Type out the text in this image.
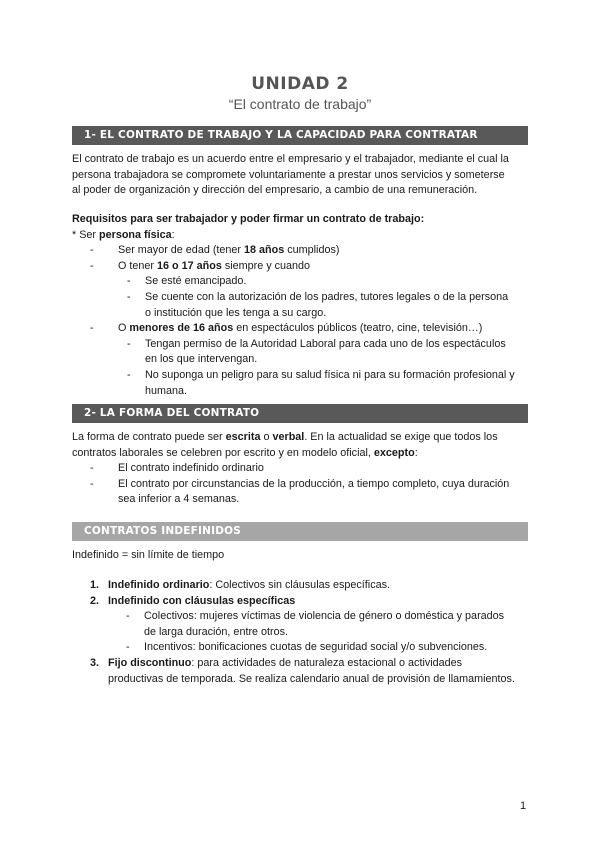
UNIDAD 2
“El contrato de trabajo”
1- EL CONTRATO DE TRABAJO Y LA CAPACIDAD PARA CONTRATAR

El contrato de trabajo es un acuerdo entre el empresario y el trabajador, mediante el cual la

persona trabajadora se compromete voluntariamente a prestar unos servicios y someterse

al poder de organización y dirección del empresario, a cambio de una remuneración.

Requisitos para ser trabajador y poder firmar un contrato de trabajo:

* Ser persona física:

- Ser mayor de edad (tener 18 años cumplidos)

- O tener 16 o 17 años siempre y cuando

- Se esté emancipado.

- Se cuente con la autorización de los padres, tutores legales o de la persona o institución que les tenga a su cargo.

- O menores de 16 años en espectáculos públicos (teatro, cine, televisión…)

- Tengan permiso de la Autoridad Laboral para cada uno de los espectáculos en los que intervengan.

- No suponga un peligro para su salud física ni para su formación profesional y humana.

2- LA FORMA DEL CONTRATO

La forma de contrato puede ser escrita o verbal. En la actualidad se exige que todos los

contratos laborales se celebren por escrito y en modelo oficial, excepto:

- El contrato indefinido ordinario

- El contrato por circunstancias de la producción, a tiempo completo, cuya duración sea inferior a 4 semanas.

CONTRATOS INDEFINIDOS

Indefinido = sin límite de tiempo

1. Indefinido ordinario: Colectivos sin cláusulas específicas.

2. Indefinido con cláusulas específicas

- Colectivos: mujeres víctimas de violencia de género o doméstica y parados de larga duración, entre otros.

- Incentivos: bonificaciones cuotas de seguridad social y/o subvenciones.

3. Fijo discontinuo: para actividades de naturaleza estacional o actividades productivas de temporada. Se realiza calendario anual de provisión de llamamientos.

1
